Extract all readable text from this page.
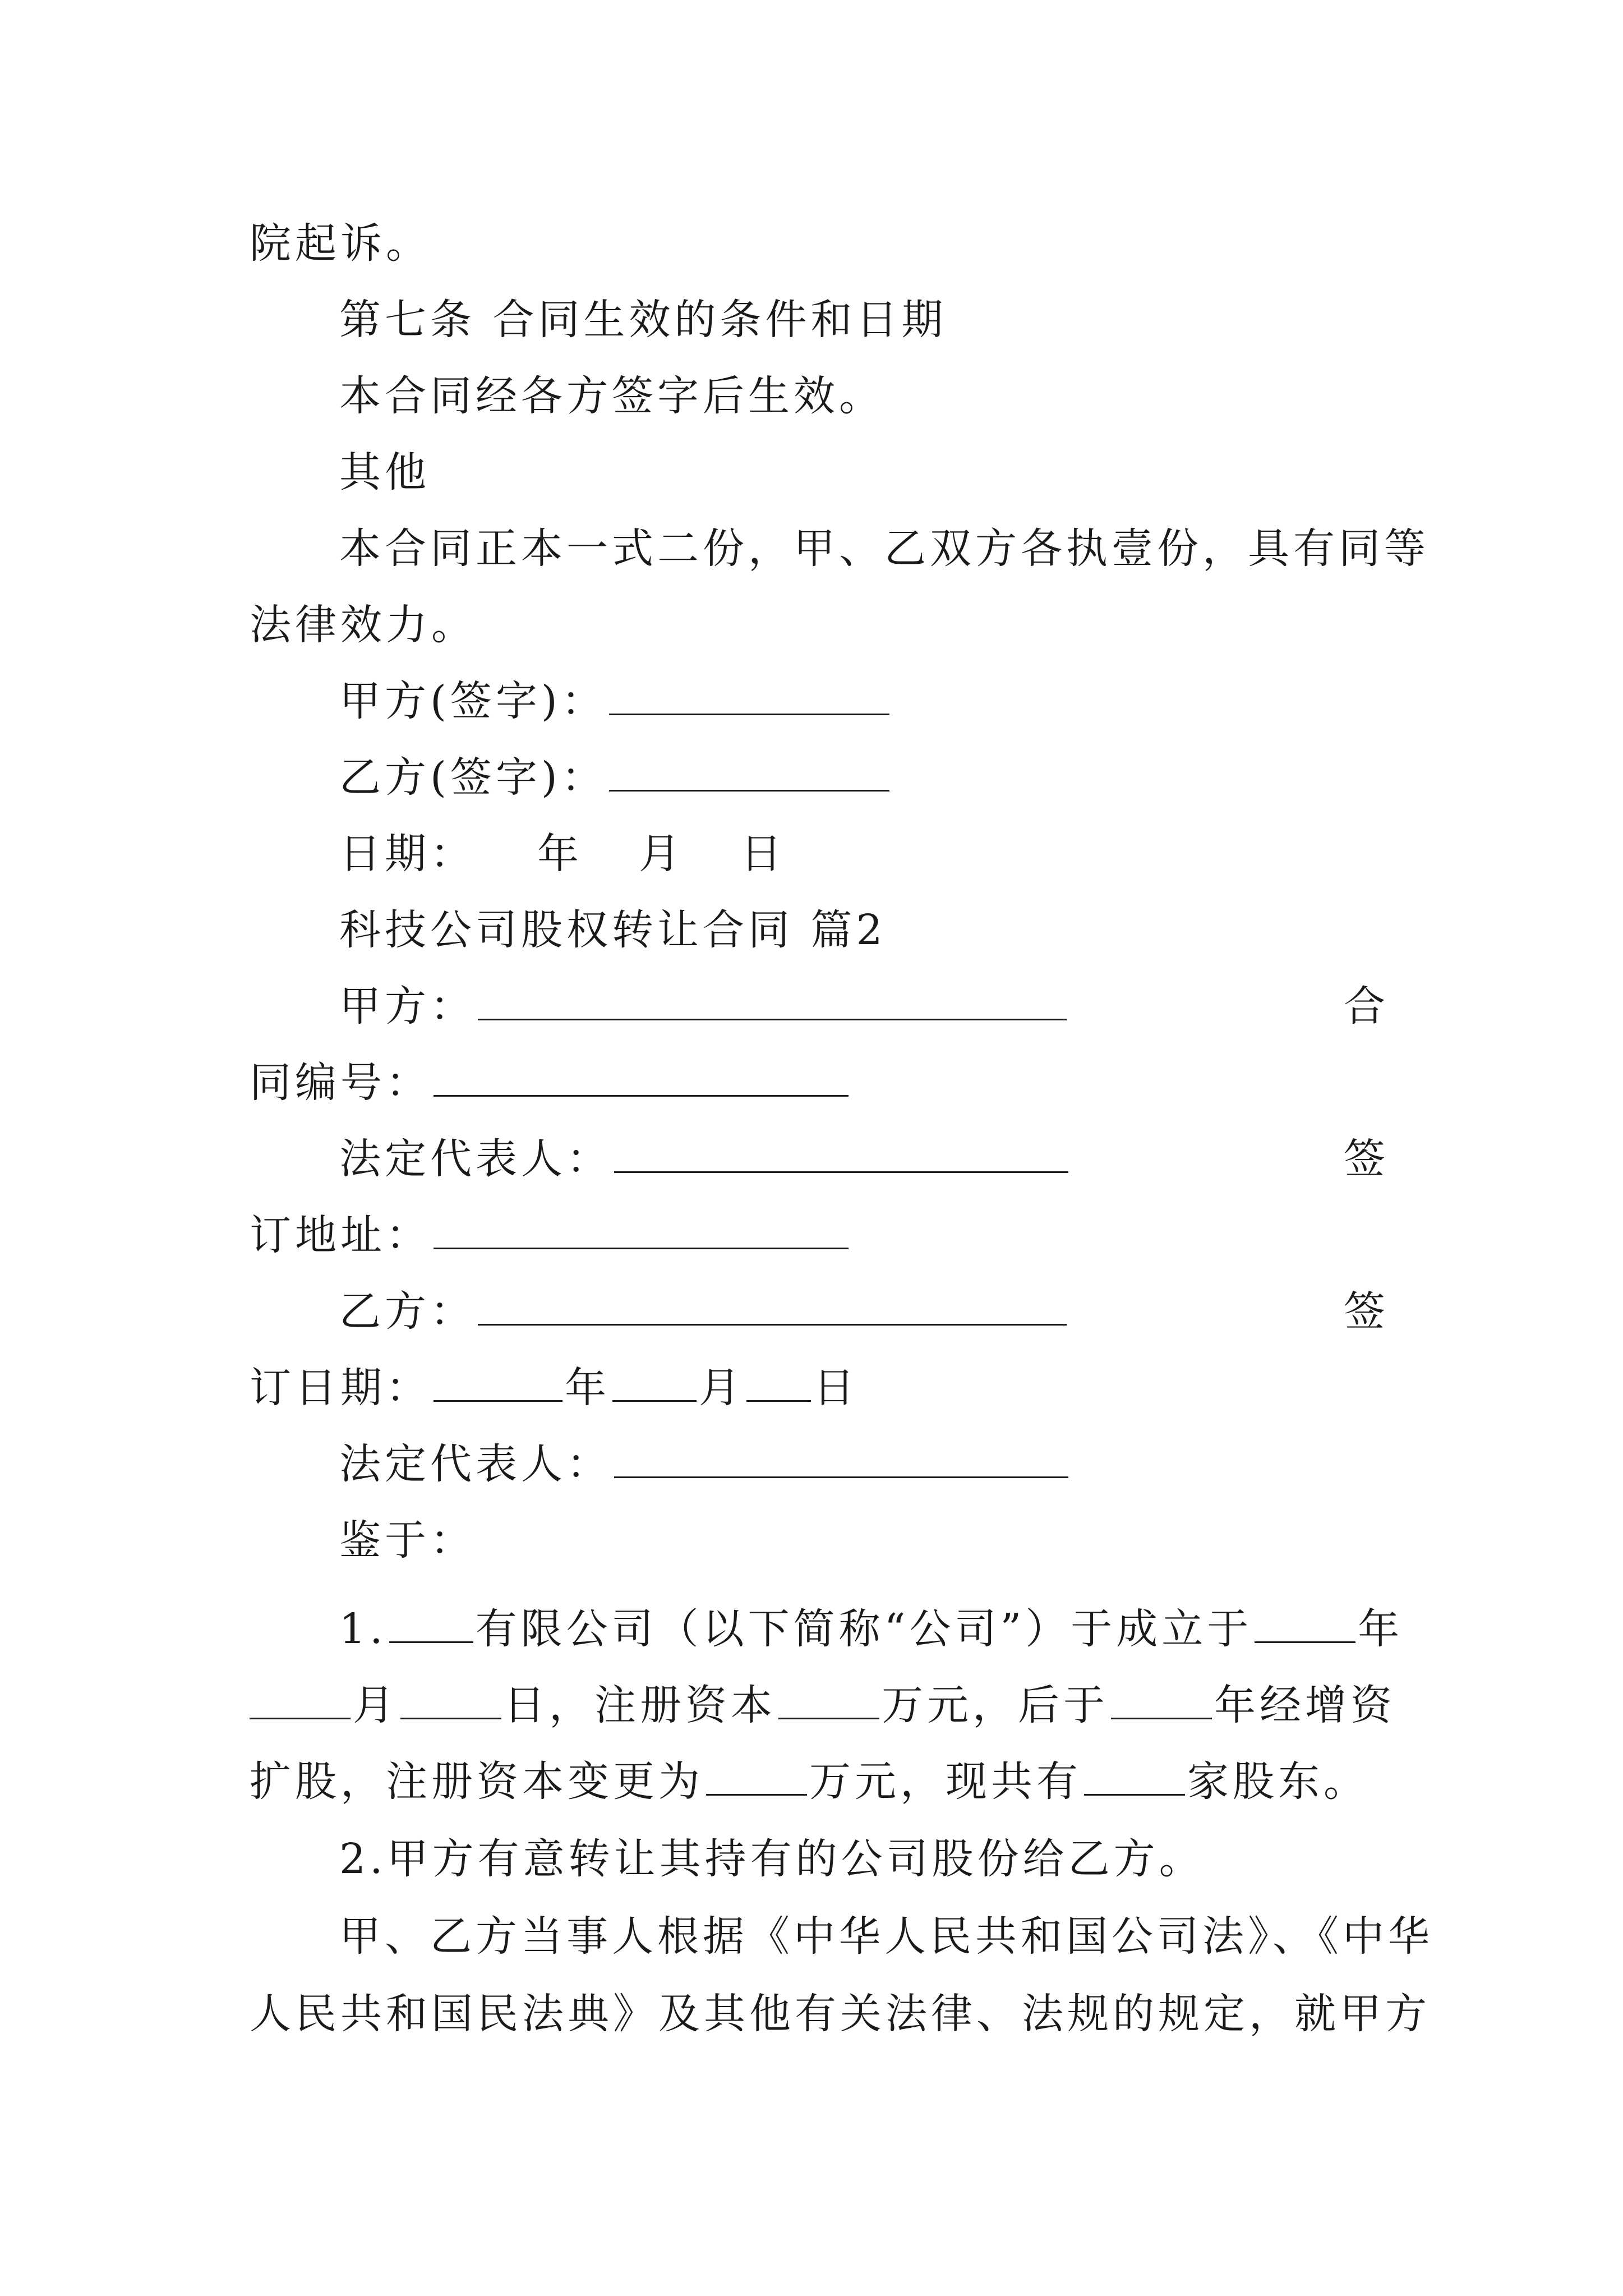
院起诉。
第七条 合同生效的条件和日期
本合同经各方签字后生效。
其他
本合同正本一式二份，甲、乙双方各执壹份，具有同等
法律效力。
甲方(签字)：
乙方(签字)：
日期： 年 月 日
科技公司股权转让合同 篇2
甲方：	合
同编号：
法定代表人：	签
订地址：
乙方：	签
订日期：	年 月 日
法定代表人：
鉴于：
1. 有限公司（以下简称“公司”）于成立于	年
月	日，注册资本	万元，后于	年经增资
扩股，注册资本变更为	万元，现共有	家股东。
2.甲方有意转让其持有的公司股份给乙方。
甲、乙方当事人根据《中华人民共和国公司法》、《中华
人民共和国民法典》及其他有关法律、法规的规定，就甲方
